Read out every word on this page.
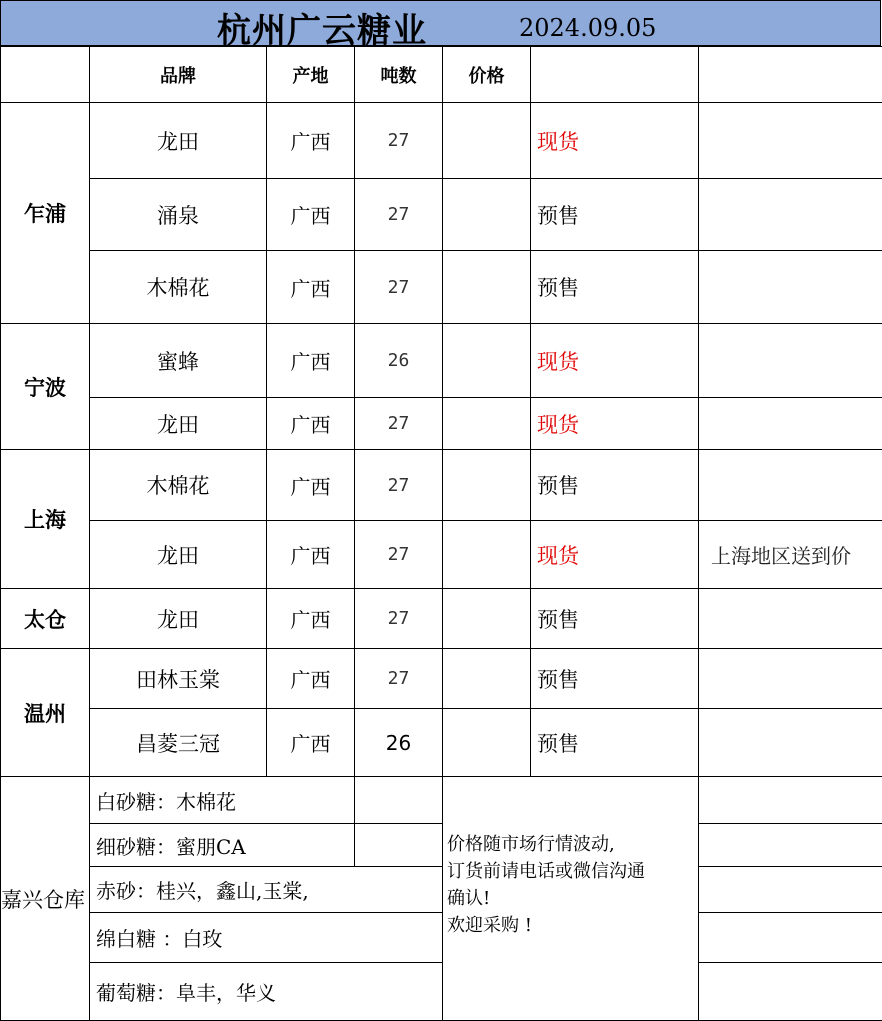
杭州广云糖业	2024.09.05
	品牌	产地	吨数	价格		
乍浦	龙田	广西	27		现货	
	涌泉	广西	27		预售	
	木棉花	广西	27		预售	
宁波	蜜蜂	广西	26		现货	
	龙田	广西	27		现货	
上海	木棉花	广西	27		预售	
	龙田	广西	27		现货	上海地区送到价
太仓	龙田	广西	27		预售	
温州	田林玉棠	广西	27		预售	
	昌菱三冠	广西	26		预售	
嘉兴仓库	白砂糖：木棉花			价格随市场行情波动,
订货前请电话或微信沟通
确认!
欢迎采购 !		

	细砂糖：蜜朋CA					
	赤砂：桂兴，鑫山,玉棠,					
	绵白糖 ：白玫					
	葡萄糖：阜丰，华义					
